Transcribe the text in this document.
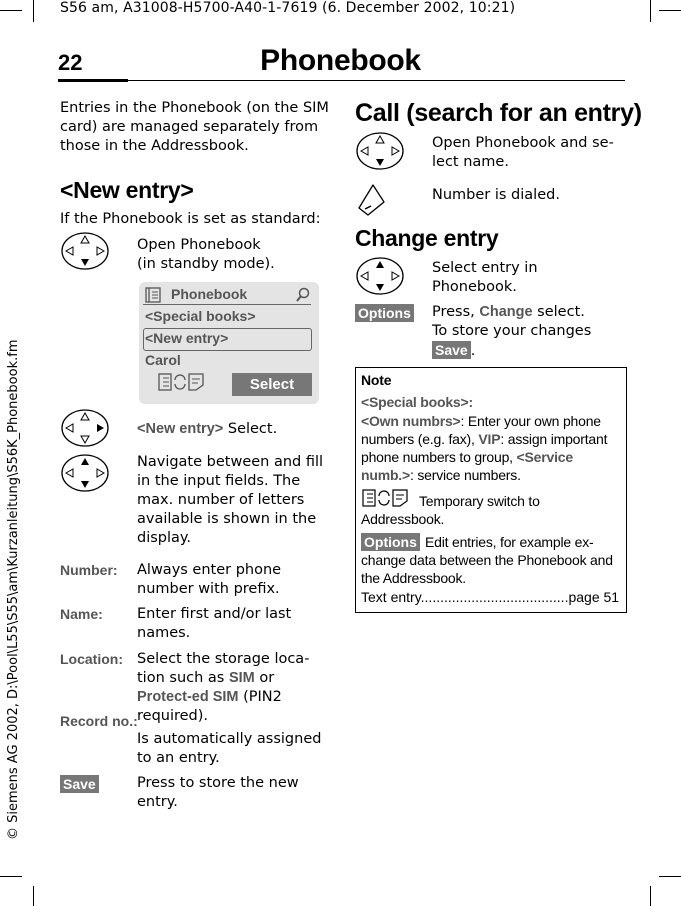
S56 am, A31008-H5700-A40-1-7619 (6. December 2002, 10:21)
22	Phonebook
© Siemens AG 2002, D:\Pool\L55\S55\am\Kurzanleitung\S56K_Phonebook.fm
Entries in the Phonebook (on the SIM card) are managed separately from those in the Addressbook.
<New entry>
If the Phonebook is set as standard:
Open Phonebook
(in standby mode).
Phonebook
<Special books>
<New entry>
Carol
Select
<New entry> Select.
Navigate between and fill in the input fields. The max. number of letters available is shown in the display.
Number: Always enter phone number with prefix.
Name: Enter first and/or last names.
Location: Select the storage loca-tion such as SIM or Protect-ed SIM (PIN2 required).
Record no.:
Is automatically assigned to an entry.
Save	Press to store the new entry.
Call (search for an entry)
Open Phonebook and se-lect name.
Number is dialed.
Change entry
Select entry in Phonebook.
Options Press, Change select.
To store your changes
Save .
Note
<Special books>:
<Own numbrs>: Enter your own phone numbers (e.g. fax), VIP: assign important phone numbers to group, <Service numb.>: service numbers.
Temporary switch to Addressbook.
Options Edit entries, for example ex-change data between the Phonebook and the Addressbook.
Text entry......................................page 51
